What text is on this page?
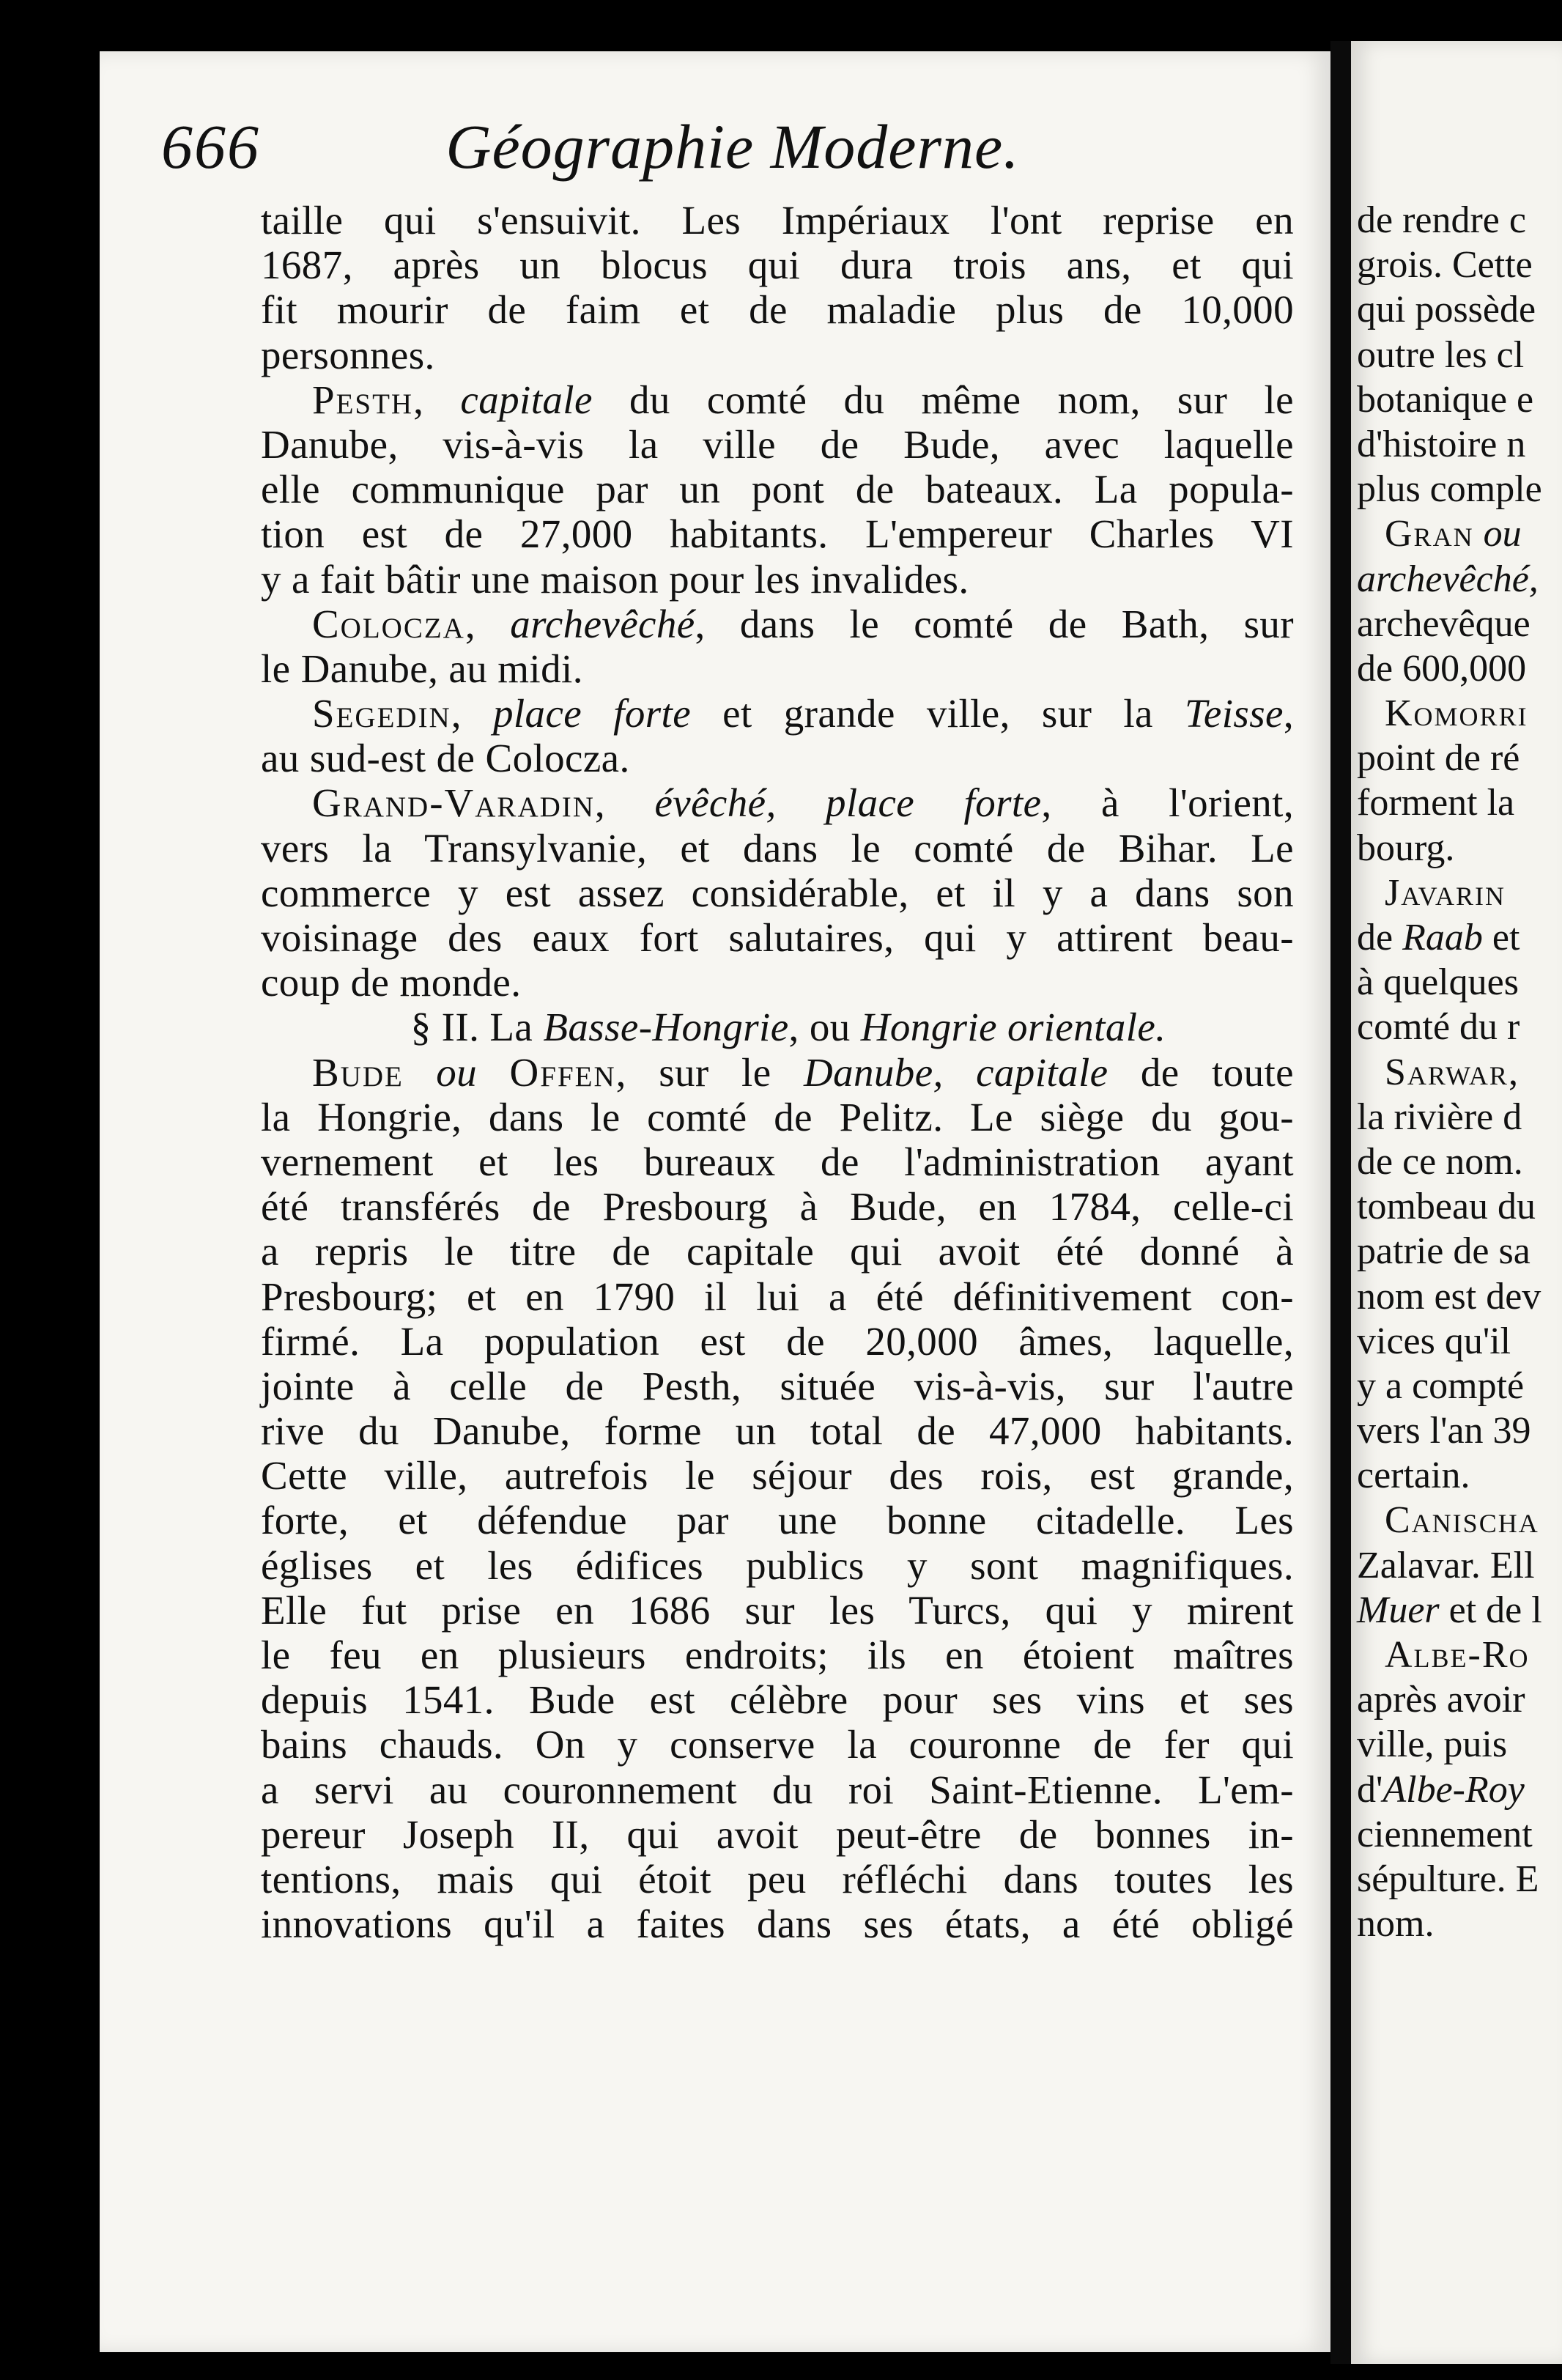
666	Géographie Moderne.
taille qui s'ensuivit. Les Impériaux l'ont reprise en
1687, après un blocus qui dura trois ans, et qui
fit mourir de faim et de maladie plus de 10,000
personnes.
Pesth, capitale du comté du même nom, sur le
Danube, vis-à-vis la ville de Bude, avec laquelle
elle communique par un pont de bateaux. La popula-
tion est de 27,000 habitants. L'empereur Charles VI
y a fait bâtir une maison pour les invalides.
Colocza, archevêché, dans le comté de Bath, sur
le Danube, au midi.
Segedin, place forte et grande ville, sur la Teisse,
au sud-est de Colocza.
Grand-Varadin, évêché, place forte, à l'orient,
vers la Transylvanie, et dans le comté de Bihar. Le
commerce y est assez considérable, et il y a dans son
voisinage des eaux fort salutaires, qui y attirent beau-
coup de monde.
§ II. La Basse-Hongrie, ou Hongrie orientale.
Bude ou Offen, sur le Danube, capitale de toute
la Hongrie, dans le comté de Pelitz. Le siège du gou-
vernement et les bureaux de l'administration ayant
été transférés de Presbourg à Bude, en 1784, celle-ci
a repris le titre de capitale qui avoit été donné à
Presbourg; et en 1790 il lui a été définitivement con-
firmé. La population est de 20,000 âmes, laquelle,
jointe à celle de Pesth, située vis-à-vis, sur l'autre
rive du Danube, forme un total de 47,000 habitants.
Cette ville, autrefois le séjour des rois, est grande,
forte, et défendue par une bonne citadelle. Les
églises et les édifices publics y sont magnifiques.
Elle fut prise en 1686 sur les Turcs, qui y mirent
le feu en plusieurs endroits; ils en étoient maîtres
depuis 1541. Bude est célèbre pour ses vins et ses
bains chauds. On y conserve la couronne de fer qui
a servi au couronnement du roi Saint-Etienne. L'em-
pereur Joseph II, qui avoit peut-être de bonnes in-
tentions, mais qui étoit peu réfléchi dans toutes les
innovations qu'il a faites dans ses états, a été obligé
de rendre c
grois. Cette
qui possède
outre les cl
botanique e
d'histoire n
plus comple
Gran ou
archevêché,
archevêque
de 600,000
Komorri
point de ré
forment la
bourg.
Javarin
de Raab et
à quelques
comté du r
Sarwar,
la rivière d
de ce nom.
tombeau du
patrie de sa
nom est dev
vices qu'il
y a compté
vers l'an 39
certain.
Canischa
Zalavar. Ell
Muer et de l
Albe-Ro
après avoir
ville, puis
d'Albe-Roy
ciennement
sépulture. E
nom.
